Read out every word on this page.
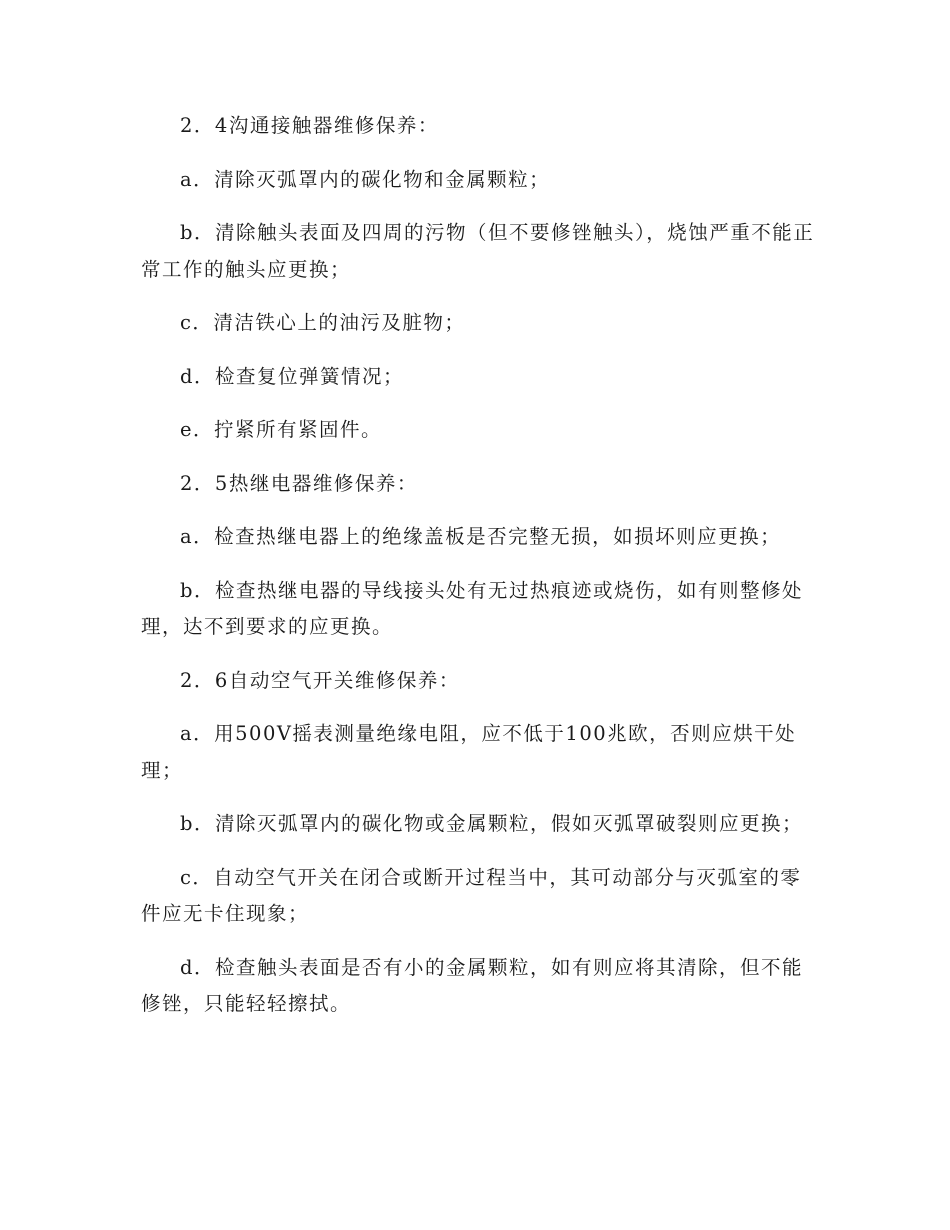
2．4沟通接触器维修保养：

a．清除灭弧罩内的碳化物和金属颗粒；

b．清除触头表面及四周的污物（但不要修锉触头），烧蚀严重不能正常工作的触头应更换；

c．清洁铁心上的油污及脏物；

d．检查复位弹簧情况；

e．拧紧所有紧固件。

2．5热继电器维修保养：

a．检查热继电器上的绝缘盖板是否完整无损，如损坏则应更换；

b．检查热继电器的导线接头处有无过热痕迹或烧伤，如有则整修处理，达不到要求的应更换。

2．6自动空气开关维修保养：

a．用500V摇表测量绝缘电阻，应不低于100兆欧，否则应烘干处理；

b．清除灭弧罩内的碳化物或金属颗粒，假如灭弧罩破裂则应更换；

c．自动空气开关在闭合或断开过程当中，其可动部分与灭弧室的零件应无卡住现象；

d．检查触头表面是否有小的金属颗粒，如有则应将其清除，但不能修锉，只能轻轻擦拭。
